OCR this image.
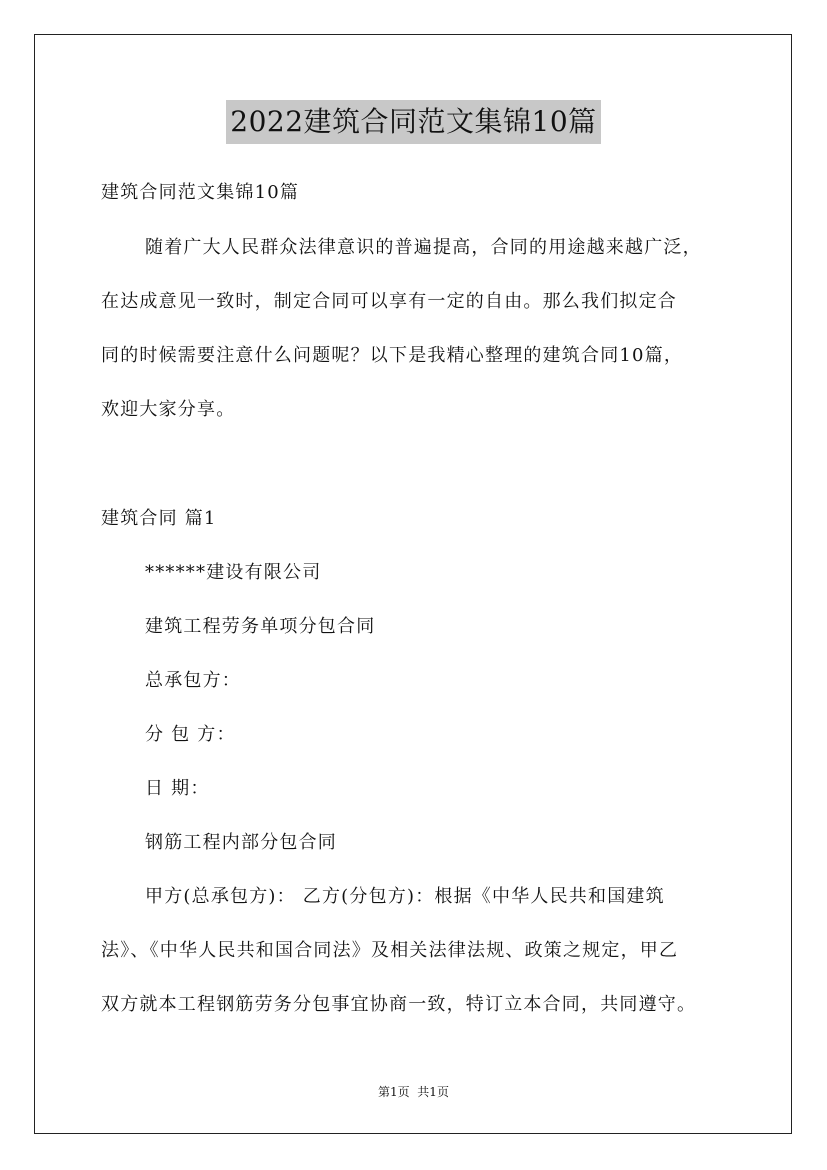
2022建筑合同范文集锦10篇
建筑合同范文集锦10篇
随着广大人民群众法律意识的普遍提高，合同的用途越来越广泛，
在达成意见一致时，制定合同可以享有一定的自由。那么我们拟定合
同的时候需要注意什么问题呢？以下是我精心整理的建筑合同10篇，
欢迎大家分享。
建筑合同 篇1
******建设有限公司
建筑工程劳务单项分包合同
总承包方：
分 包 方：
日 期：
钢筋工程内部分包合同
甲方(总承包方)： 乙方(分包方)：根据《中华人民共和国建筑
法》、《中华人民共和国合同法》及相关法律法规、政策之规定，甲乙
双方就本工程钢筋劳务分包事宜协商一致，特订立本合同，共同遵守。
第1页  共1页
